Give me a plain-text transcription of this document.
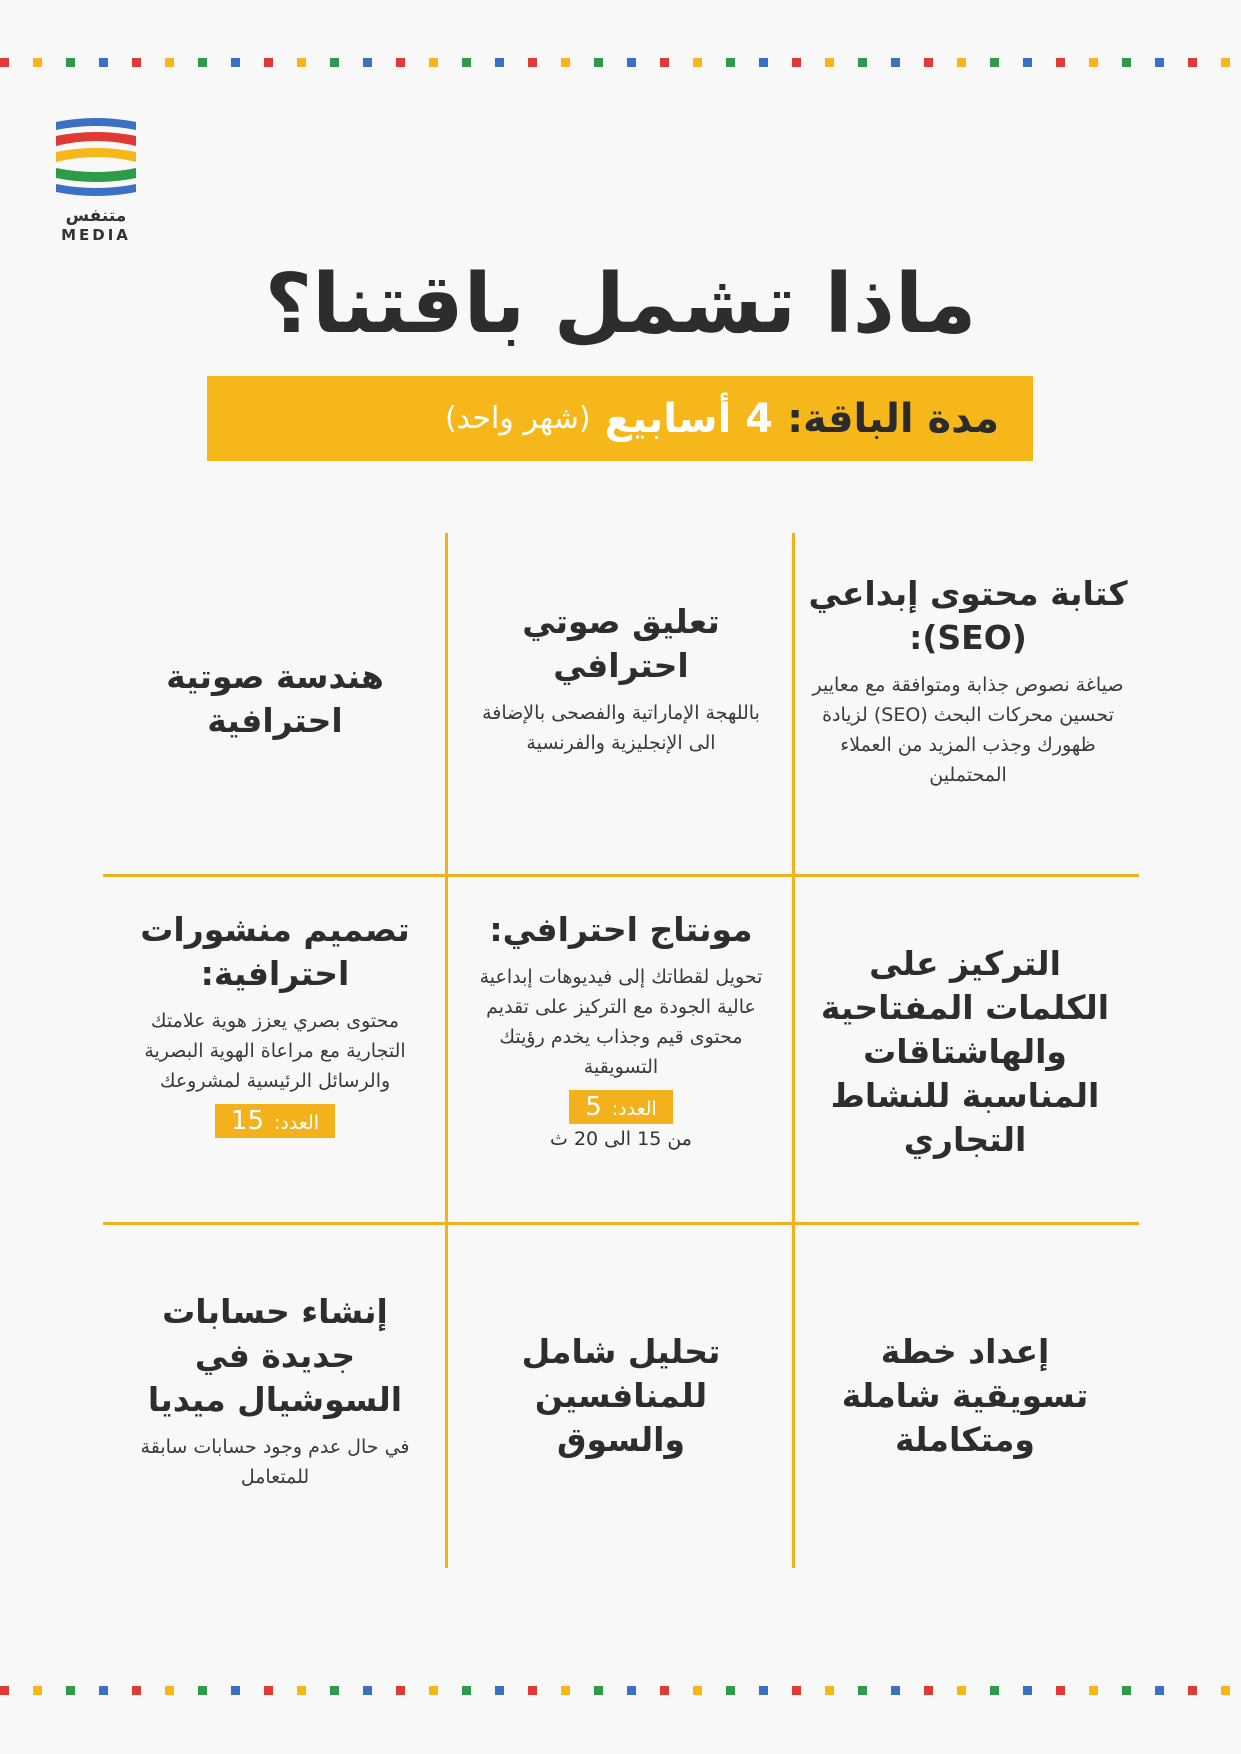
متنفس
MEDIA
ماذا تشمل باقتنا؟
مدة الباقة:
4 أسابيع
(شهر واحد)
كتابة محتوى إبداعي (SEO):

صياغة نصوص جذابة ومتوافقة مع معايير تحسين محركات البحث (SEO) لزيادة ظهورك وجذب المزيد من العملاء المحتملين

تعليق صوتي احترافي

باللهجة الإماراتية والفصحى بالإضافة الى الإنجليزية والفرنسية

هندسة صوتية احترافية
التركيز على الكلمات المفتاحية والهاشتاقات المناسبة للنشاط التجاري
مونتاج احترافي:

تحويل لقطاتك إلى فيديوهات إبداعية عالية الجودة مع التركيز على تقديم محتوى قيم وجذاب يخدم رؤيتك التسويقية

العدد:
5
من 15 الى 20 ث
تصميم منشورات احترافية:

محتوى بصري يعزز هوية علامتك التجارية مع مراعاة الهوية البصرية والرسائل الرئيسية لمشروعك

العدد:
15
إعداد خطة تسويقية شاملة ومتكاملة
تحليل شامل للمنافسين والسوق
إنشاء حسابات جديدة في السوشيال ميديا

في حال عدم وجود حسابات سابقة للمتعامل
